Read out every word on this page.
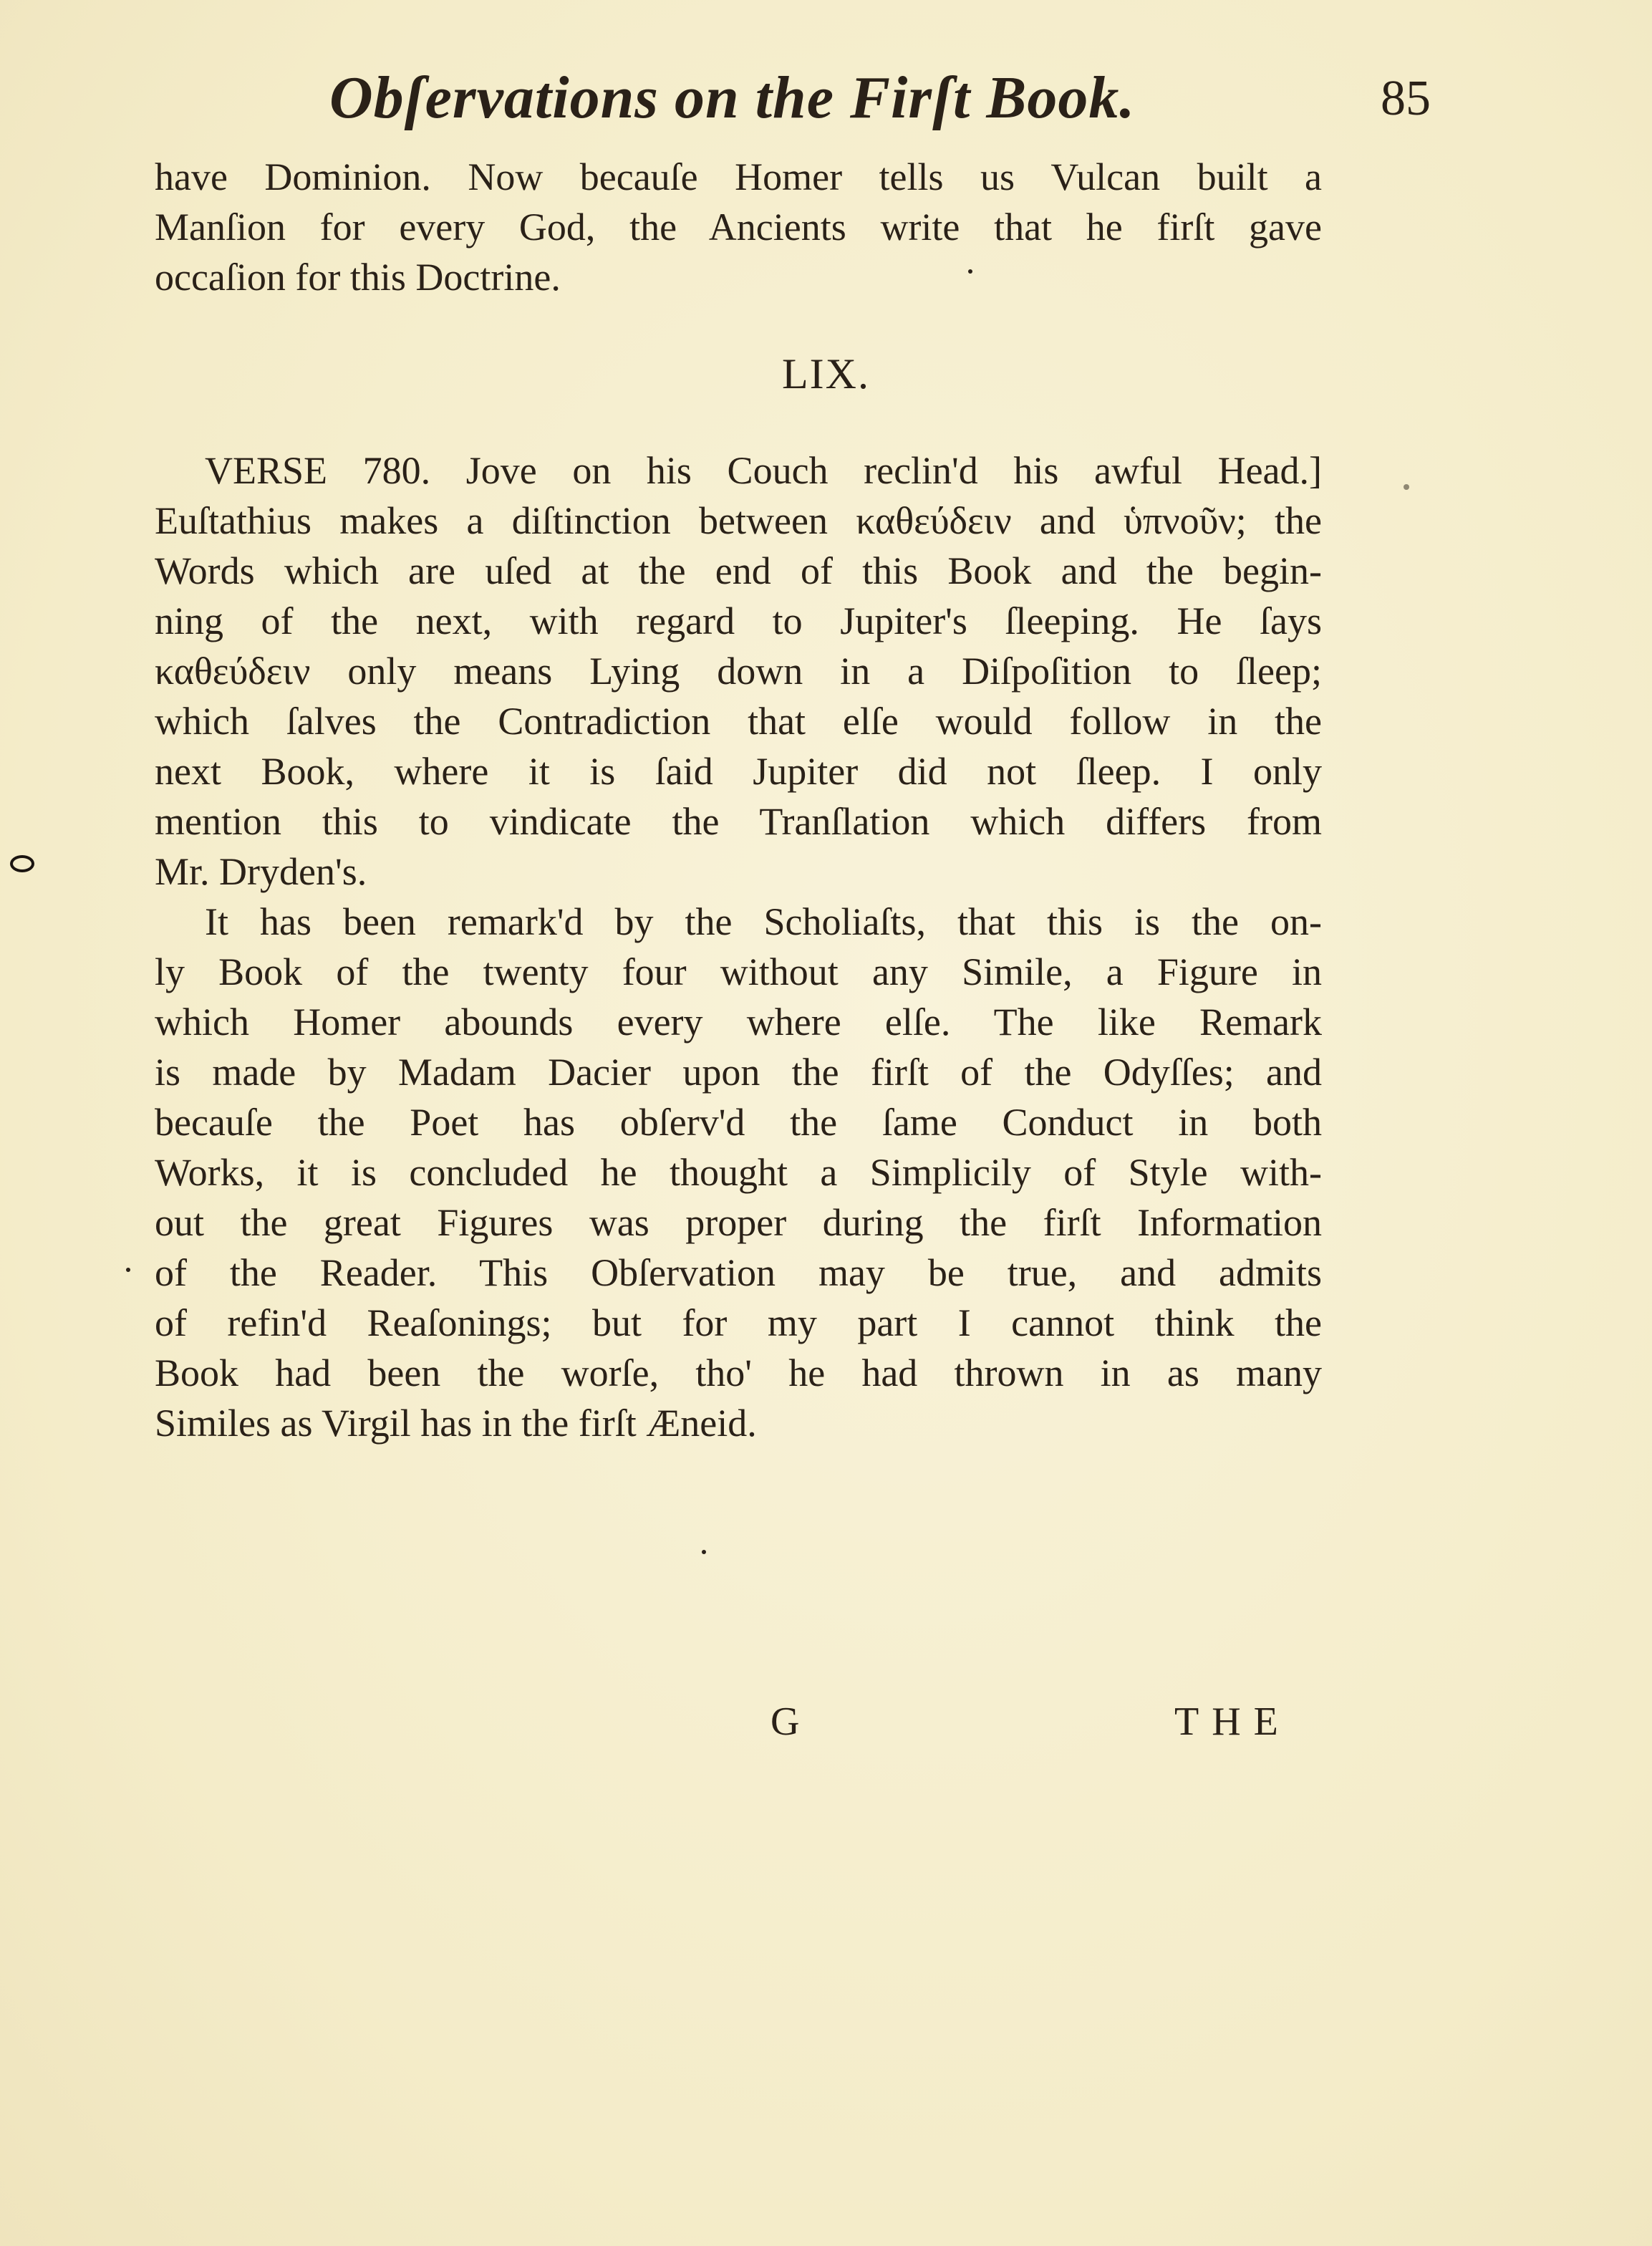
Obſervations on the Firſt Book.	85
have Dominion. Now becauſe Homer tells us Vulcan built a
Manſion for every God, the Ancients write that he firſt gave
occaſion for this Doctrine.
LIX.
VERSE 780. Jove on his Couch reclin'd his awful Head.]
Euſtathius makes a diſtinction between καθεύδειν and ὑπνοῦν; the
Words which are uſed at the end of this Book and the begin-
ning of the next, with regard to Jupiter's ſleeping. He ſays
καθεύδειν only means Lying down in a Diſpoſition to ſleep;
which ſalves the Contradiction that elſe would follow in the
next Book, where it is ſaid Jupiter did not ſleep. I only
mention this to vindicate the Tranſlation which differs from
Mr. Dryden's.
It has been remark'd by the Scholiaſts, that this is the on-
ly Book of the twenty four without any Simile, a Figure in
which Homer abounds every where elſe. The like Remark
is made by Madam Dacier upon the firſt of the Odyſſes; and
becauſe the Poet has obſerv'd the ſame Conduct in both
Works, it is concluded he thought a Simplicily of Style with-
out the great Figures was proper during the firſt Information
of the Reader. This Obſervation may be true, and admits
of refin'd Reaſonings; but for my part I cannot think the
Book had been the worſe, tho' he had thrown in as many
Similes as Virgil has in the firſt Æneid.
G	THE
